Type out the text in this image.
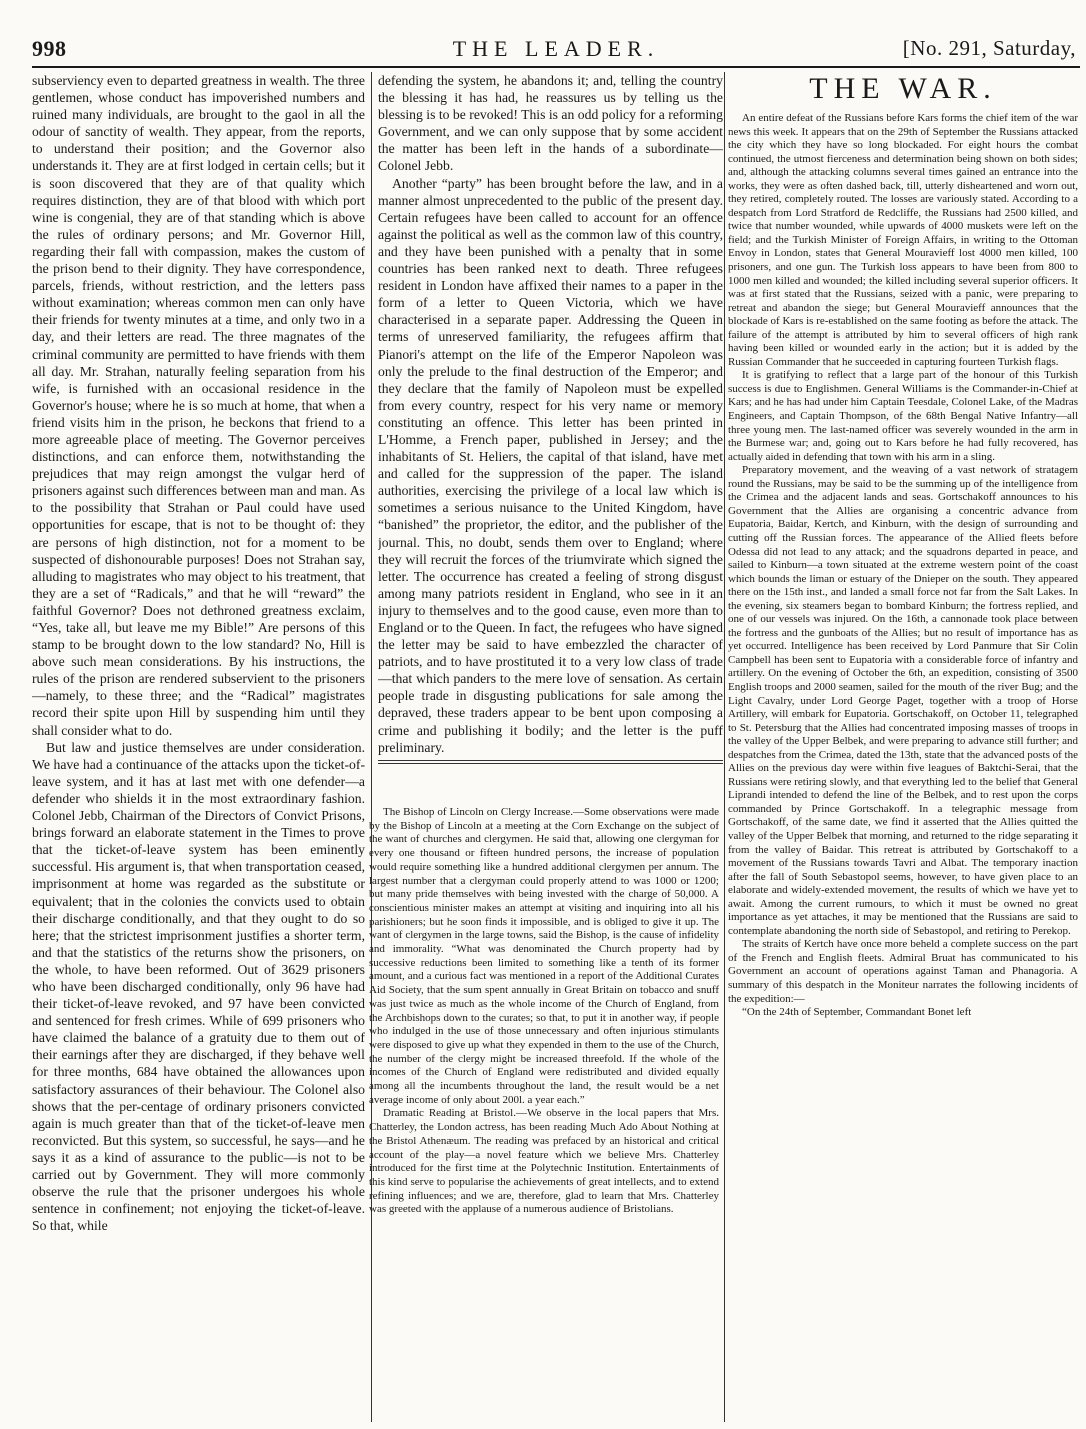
998	THE LEADER.	[No. 291, Saturday,

subserviency even to departed greatness in wealth. The three gentlemen, whose conduct has impoverished numbers and ruined many individuals, are brought to the gaol in all the odour of sanctity of wealth. They appear, from the reports, to understand their position; and the Governor also understands it. They are at first lodged in certain cells; but it is soon discovered that they are of that quality which requires distinction, they are of that blood with which port wine is congenial, they are of that standing which is above the rules of ordinary persons; and Mr. Governor Hill, regarding their fall with compassion, makes the custom of the prison bend to their dignity. They have correspondence, parcels, friends, without restriction, and the letters pass without examination; whereas common men can only have their friends for twenty minutes at a time, and only two in a day, and their letters are read. The three magnates of the criminal community are permitted to have friends with them all day. Mr. Strahan, naturally feeling separation from his wife, is furnished with an occasional residence in the Governor's house; where he is so much at home, that when a friend visits him in the prison, he beckons that friend to a more agreeable place of meeting. The Governor perceives distinctions, and can enforce them, notwithstanding the prejudices that may reign amongst the vulgar herd of prisoners against such differences between man and man. As to the possibility that Strahan or Paul could have used opportunities for escape, that is not to be thought of: they are persons of high distinction, not for a moment to be suspected of dishonourable purposes! Does not Strahan say, alluding to magistrates who may object to his treatment, that they are a set of “Radicals,” and that he will “reward” the faithful Governor? Does not dethroned greatness exclaim, “Yes, take all, but leave me my Bible!” Are persons of this stamp to be brought down to the low standard? No, Hill is above such mean considerations. By his instructions, the rules of the prison are rendered subservient to the prisoners—namely, to these three; and the “Radical” magistrates record their spite upon Hill by suspending him until they shall consider what to do.

But law and justice themselves are under consideration. We have had a continuance of the attacks upon the ticket-of-leave system, and it has at last met with one defender—a defender who shields it in the most extraordinary fashion. Colonel Jebb, Chairman of the Directors of Convict Prisons, brings forward an elaborate statement in the Times to prove that the ticket-of-leave system has been eminently successful. His argument is, that when transportation ceased, imprisonment at home was regarded as the substitute or equivalent; that in the colonies the convicts used to obtain their discharge conditionally, and that they ought to do so here; that the strictest imprisonment justifies a shorter term, and that the statistics of the returns show the prisoners, on the whole, to have been reformed. Out of 3629 prisoners who have been discharged conditionally, only 96 have had their ticket-of-leave revoked, and 97 have been convicted and sentenced for fresh crimes. While of 699 prisoners who have claimed the balance of a gratuity due to them out of their earnings after they are discharged, if they behave well for three months, 684 have obtained the allowances upon satisfactory assurances of their behaviour. The Colonel also shows that the per-centage of ordinary prisoners convicted again is much greater than that of the ticket-of-leave men reconvicted. But this system, so successful, he says—and he says it as a kind of assurance to the public—is not to be carried out by Government. They will more commonly observe the rule that the prisoner undergoes his whole sentence in confinement; not enjoying the ticket-of-leave. So that, while

defending the system, he abandons it; and, telling the country the blessing it has had, he reassures us by telling us the blessing is to be revoked! This is an odd policy for a reforming Government, and we can only suppose that by some accident the matter has been left in the hands of a subordinate—Colonel Jebb.

Another “party” has been brought before the law, and in a manner almost unprecedented to the public of the present day. Certain refugees have been called to account for an offence against the political as well as the common law of this country, and they have been punished with a penalty that in some countries has been ranked next to death. Three refugees resident in London have affixed their names to a paper in the form of a letter to Queen Victoria, which we have characterised in a separate paper. Addressing the Queen in terms of unreserved familiarity, the refugees affirm that Pianori's attempt on the life of the Emperor Napoleon was only the prelude to the final destruction of the Emperor; and they declare that the family of Napoleon must be expelled from every country, respect for his very name or memory constituting an offence. This letter has been printed in L'Homme, a French paper, published in Jersey; and the inhabitants of St. Heliers, the capital of that island, have met and called for the suppression of the paper. The island authorities, exercising the privilege of a local law which is sometimes a serious nuisance to the United Kingdom, have “banished” the proprietor, the editor, and the publisher of the journal. This, no doubt, sends them over to England; where they will recruit the forces of the triumvirate which signed the letter. The occurrence has created a feeling of strong disgust among many patriots resident in England, who see in it an injury to themselves and to the good cause, even more than to England or to the Queen. In fact, the refugees who have signed the letter may be said to have embezzled the character of patriots, and to have prostituted it to a very low class of trade—that which panders to the mere love of sensation. As certain people trade in disgusting publications for sale among the depraved, these traders appear to be bent upon composing a crime and publishing it bodily; and the letter is the puff preliminary.

The Bishop of Lincoln on Clergy Increase.—Some observations were made by the Bishop of Lincoln at a meeting at the Corn Exchange on the subject of the want of churches and clergymen. He said that, allowing one clergyman for every one thousand or fifteen hundred persons, the increase of population would require something like a hundred additional clergymen per annum. The largest number that a clergyman could properly attend to was 1000 or 1200; but many pride themselves with being invested with the charge of 50,000. A conscientious minister makes an attempt at visiting and inquiring into all his parishioners; but he soon finds it impossible, and is obliged to give it up. The want of clergymen in the large towns, said the Bishop, is the cause of infidelity and immorality. “What was denominated the Church property had by successive reductions been limited to something like a tenth of its former amount, and a curious fact was mentioned in a report of the Additional Curates Aid Society, that the sum spent annually in Great Britain on tobacco and snuff was just twice as much as the whole income of the Church of England, from the Archbishops down to the curates; so that, to put it in another way, if people who indulged in the use of those unnecessary and often injurious stimulants were disposed to give up what they expended in them to the use of the Church, the number of the clergy might be increased threefold. If the whole of the incomes of the Church of England were redistributed and divided equally among all the incumbents throughout the land, the result would be a net average income of only about 200l. a year each.”

Dramatic Reading at Bristol.—We observe in the local papers that Mrs. Chatterley, the London actress, has been reading Much Ado About Nothing at the Bristol Athenæum. The reading was prefaced by an historical and critical account of the play—a novel feature which we believe Mrs. Chatterley introduced for the first time at the Polytechnic Institution. Entertainments of this kind serve to popularise the achievements of great intellects, and to extend refining influences; and we are, therefore, glad to learn that Mrs. Chatterley was greeted with the applause of a numerous audience of Bristolians.

THE WAR.

An entire defeat of the Russians before Kars forms the chief item of the war news this week. It appears that on the 29th of September the Russians attacked the city which they have so long blockaded. For eight hours the combat continued, the utmost fierceness and determination being shown on both sides; and, although the attacking columns several times gained an entrance into the works, they were as often dashed back, till, utterly disheartened and worn out, they retired, completely routed. The losses are variously stated. According to a despatch from Lord Stratford de Redcliffe, the Russians had 2500 killed, and twice that number wounded, while upwards of 4000 muskets were left on the field; and the Turkish Minister of Foreign Affairs, in writing to the Ottoman Envoy in London, states that General Mouravieff lost 4000 men killed, 100 prisoners, and one gun. The Turkish loss appears to have been from 800 to 1000 men killed and wounded; the killed including several superior officers. It was at first stated that the Russians, seized with a panic, were preparing to retreat and abandon the siege; but General Mouravieff announces that the blockade of Kars is re-established on the same footing as before the attack. The failure of the attempt is attributed by him to several officers of high rank having been killed or wounded early in the action; but it is added by the Russian Commander that he succeeded in capturing fourteen Turkish flags.

It is gratifying to reflect that a large part of the honour of this Turkish success is due to Englishmen. General Williams is the Commander-in-Chief at Kars; and he has had under him Captain Teesdale, Colonel Lake, of the Madras Engineers, and Captain Thompson, of the 68th Bengal Native Infantry—all three young men. The last-named officer was severely wounded in the arm in the Burmese war; and, going out to Kars before he had fully recovered, has actually aided in defending that town with his arm in a sling.

Preparatory movement, and the weaving of a vast network of stratagem round the Russians, may be said to be the summing up of the intelligence from the Crimea and the adjacent lands and seas. Gortschakoff announces to his Government that the Allies are organising a concentric advance from Eupatoria, Baidar, Kertch, and Kinburn, with the design of surrounding and cutting off the Russian forces. The appearance of the Allied fleets before Odessa did not lead to any attack; and the squadrons departed in peace, and sailed to Kinburn—a town situated at the extreme western point of the coast which bounds the liman or estuary of the Dnieper on the south. They appeared there on the 15th inst., and landed a small force not far from the Salt Lakes. In the evening, six steamers began to bombard Kinburn; the fortress replied, and one of our vessels was injured. On the 16th, a cannonade took place between the fortress and the gunboats of the Allies; but no result of importance has as yet occurred. Intelligence has been received by Lord Panmure that Sir Colin Campbell has been sent to Eupatoria with a considerable force of infantry and artillery. On the evening of October the 6th, an expedition, consisting of 3500 English troops and 2000 seamen, sailed for the mouth of the river Bug; and the Light Cavalry, under Lord George Paget, together with a troop of Horse Artillery, will embark for Eupatoria. Gortschakoff, on October 11, telegraphed to St. Petersburg that the Allies had concentrated imposing masses of troops in the valley of the Upper Belbek, and were preparing to advance still further; and despatches from the Crimea, dated the 13th, state that the advanced posts of the Allies on the previous day were within five leagues of Baktchi-Serai, that the Russians were retiring slowly, and that everything led to the belief that General Liprandi intended to defend the line of the Belbek, and to rest upon the corps commanded by Prince Gortschakoff. In a telegraphic message from Gortschakoff, of the same date, we find it asserted that the Allies quitted the valley of the Upper Belbek that morning, and returned to the ridge separating it from the valley of Baidar. This retreat is attributed by Gortschakoff to a movement of the Russians towards Tavri and Albat. The temporary inaction after the fall of South Sebastopol seems, however, to have given place to an elaborate and widely-extended movement, the results of which we have yet to await. Among the current rumours, to which it must be owned no great importance as yet attaches, it may be mentioned that the Russians are said to contemplate abandoning the north side of Sebastopol, and retiring to Perekop.

The straits of Kertch have once more beheld a complete success on the part of the French and English fleets. Admiral Bruat has communicated to his Government an account of operations against Taman and Phanagoria. A summary of this despatch in the Moniteur narrates the following incidents of the expedition:—

“On the 24th of September, Commandant Bonet left
